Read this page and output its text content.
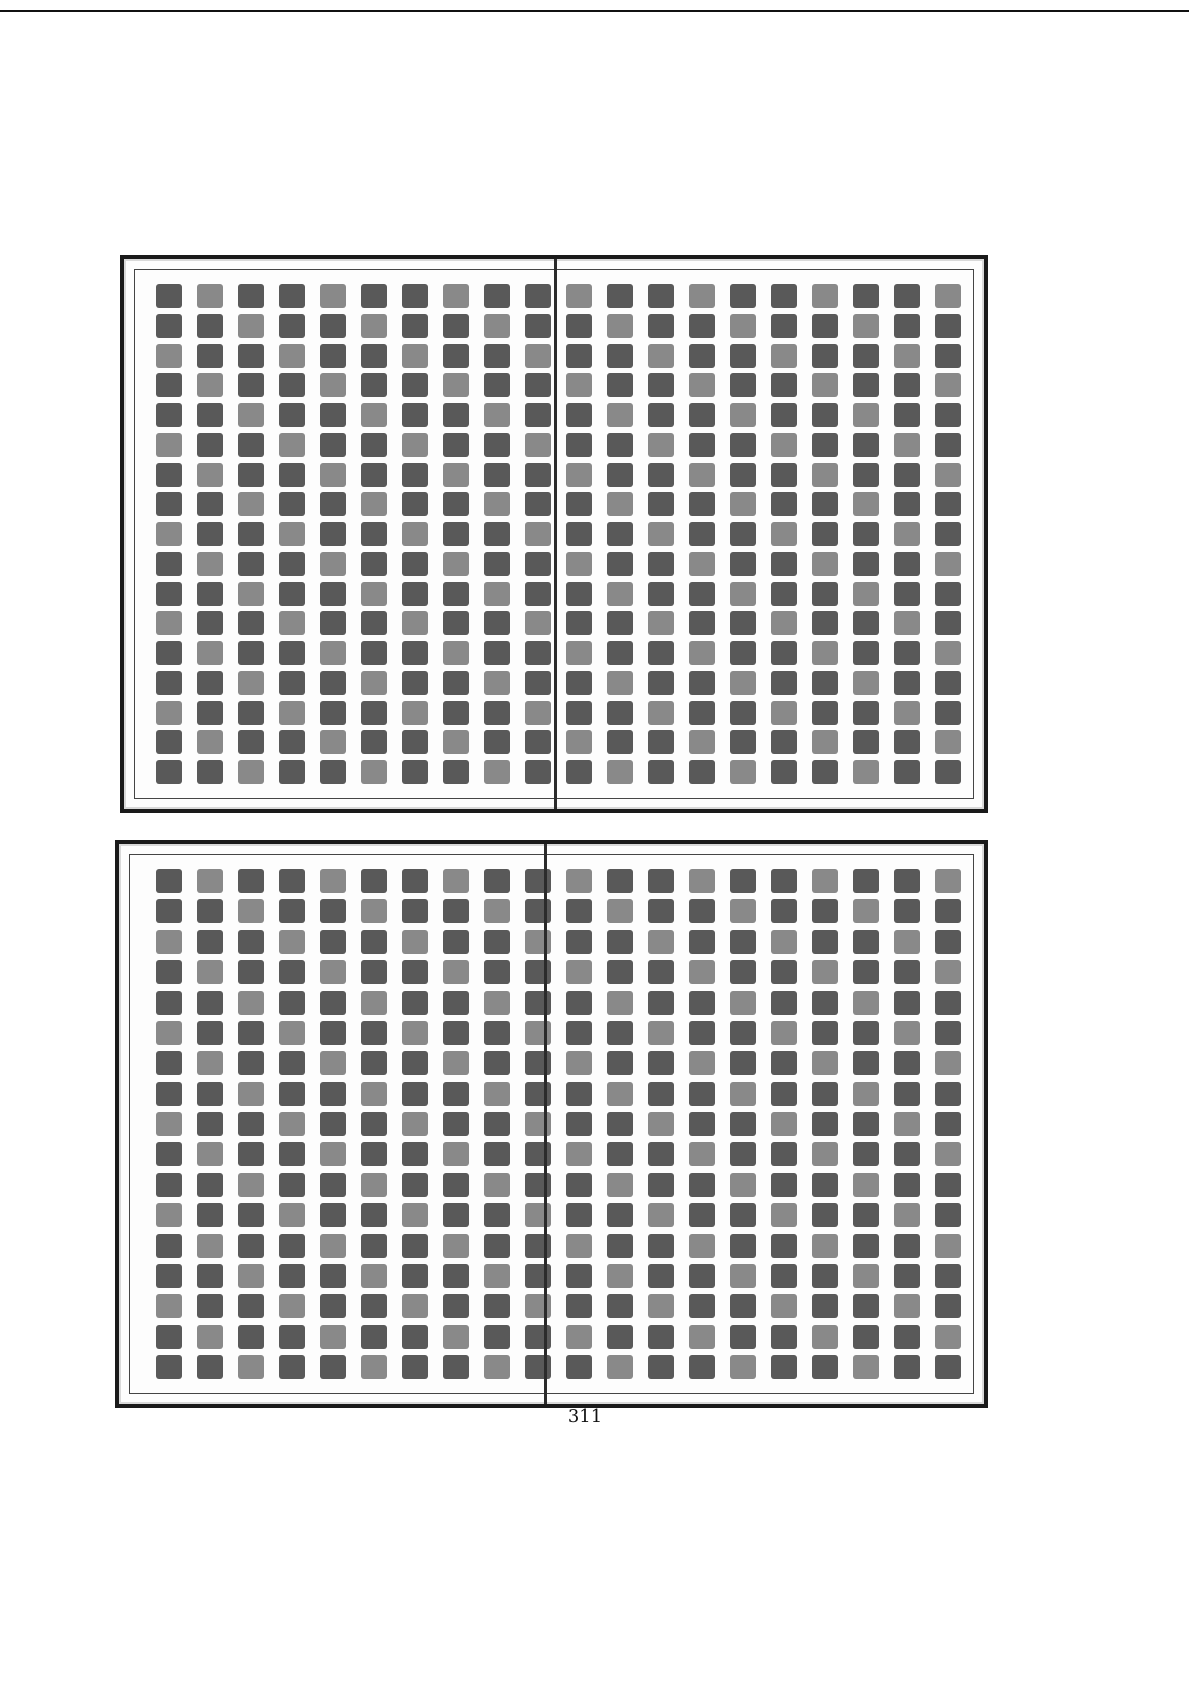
311
